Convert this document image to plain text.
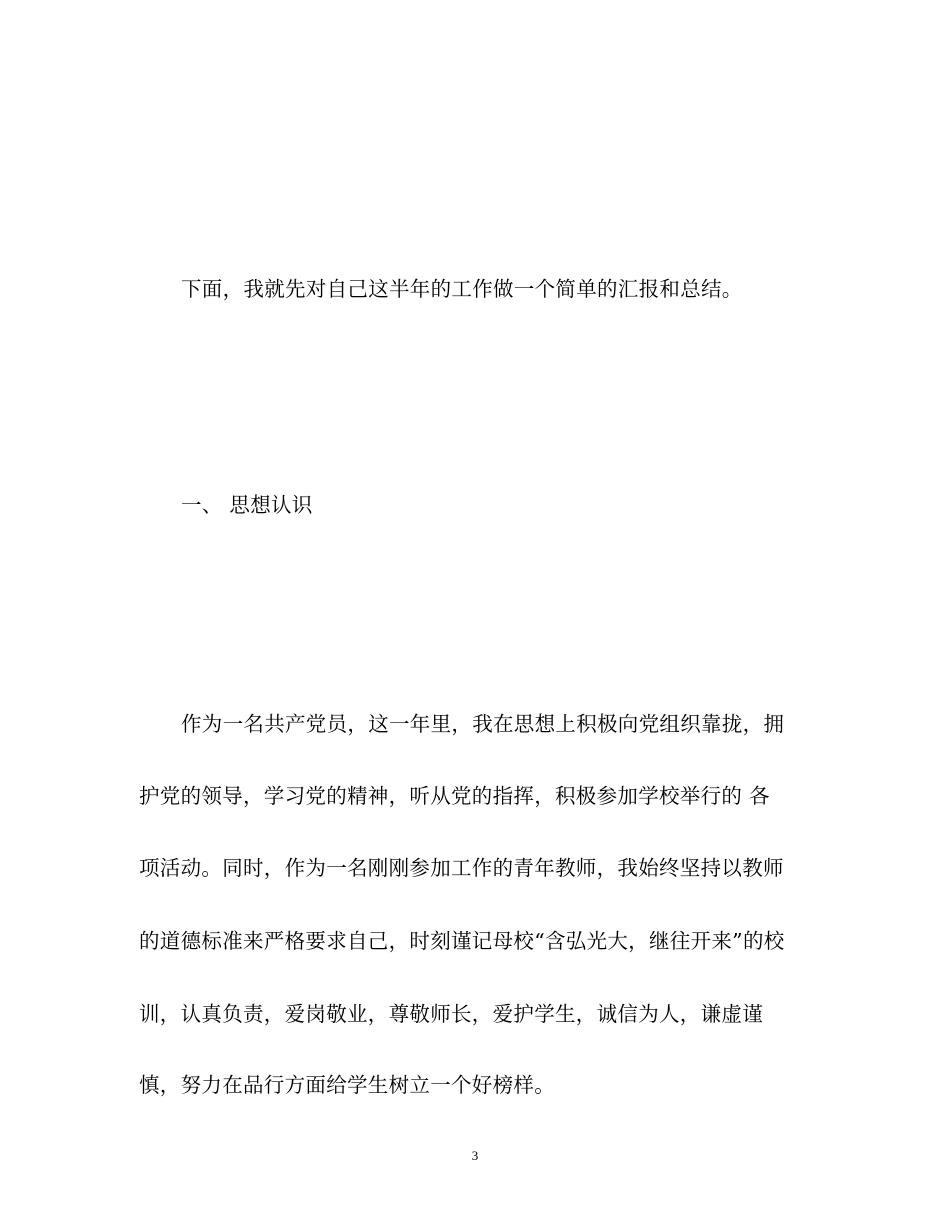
下面，我就先对自己这半年的工作做一个简单的汇报和总结。
一、 思想认识
作为一名共产党员，这一年里，我在思想上积极向党组织靠拢，拥
护党的领导，学习党的精神，听从党的指挥，积极参加学校举行的 各
项活动。同时，作为一名刚刚参加工作的青年教师，我始终坚持以教师
的道德标准来严格要求自己，时刻谨记母校“含弘光大，继往开来”的校
训，认真负责，爱岗敬业，尊敬师长，爱护学生，诚信为人，谦虚谨
慎，努力在品行方面给学生树立一个好榜样。
3
